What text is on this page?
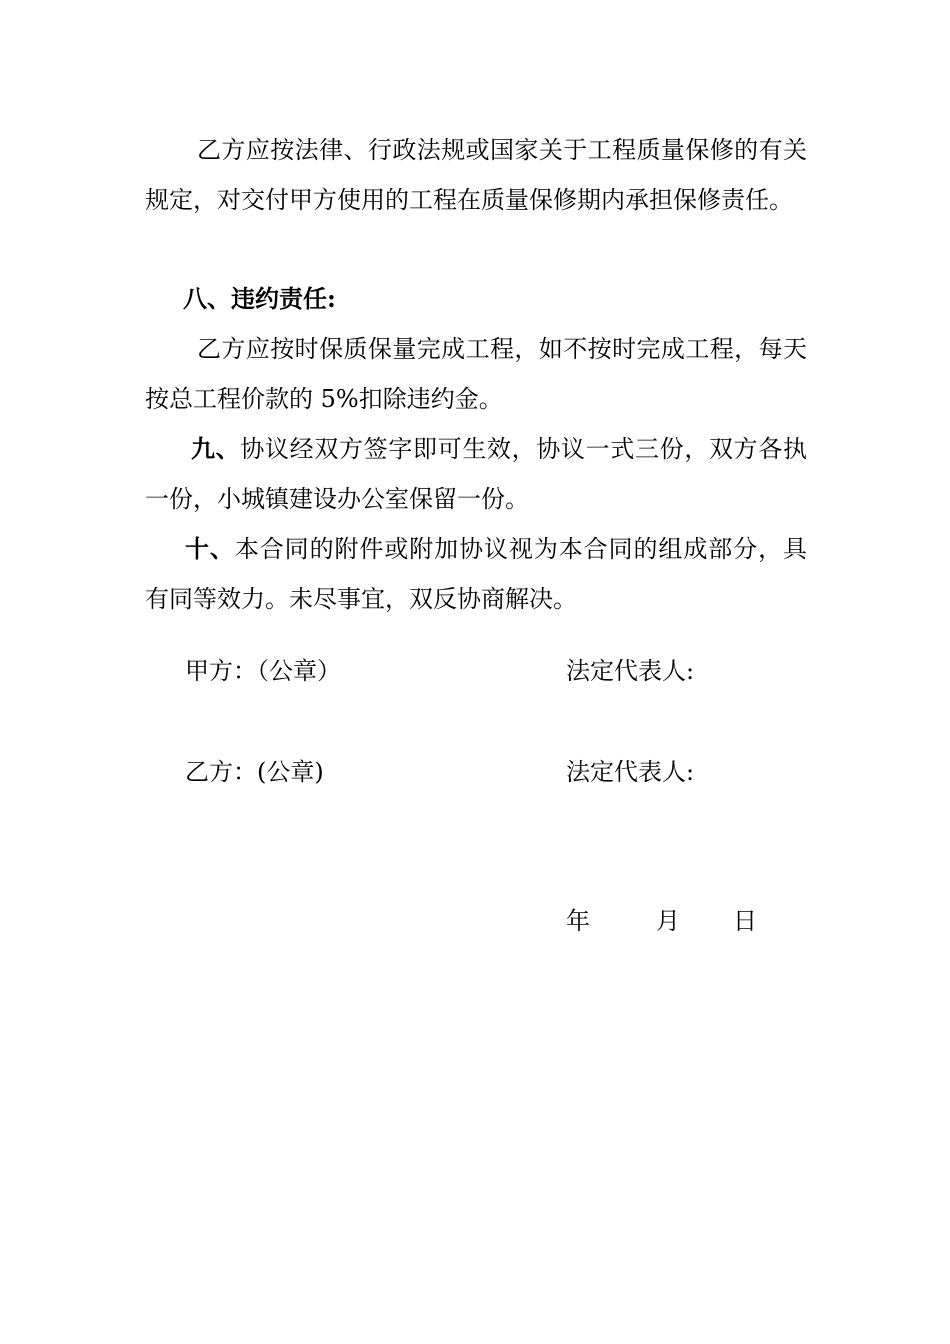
乙方应按法律、行政法规或国家关于工程质量保修的有关规定，对交付甲方使用的工程在质量保修期内承担保修责任。
八、违约责任:
乙方应按时保质保量完成工程，如不按时完成工程，每天按总工程价款的 5%扣除违约金。
九、协议经双方签字即可生效，协议一式三份，双方各执一份，小城镇建设办公室保留一份。
十、本合同的附件或附加协议视为本合同的组成部分，具有同等效力。未尽事宜，双反协商解决。
甲方：（公章）	法定代表人:
乙方：(公章)	法定代表人:
年	月 日
